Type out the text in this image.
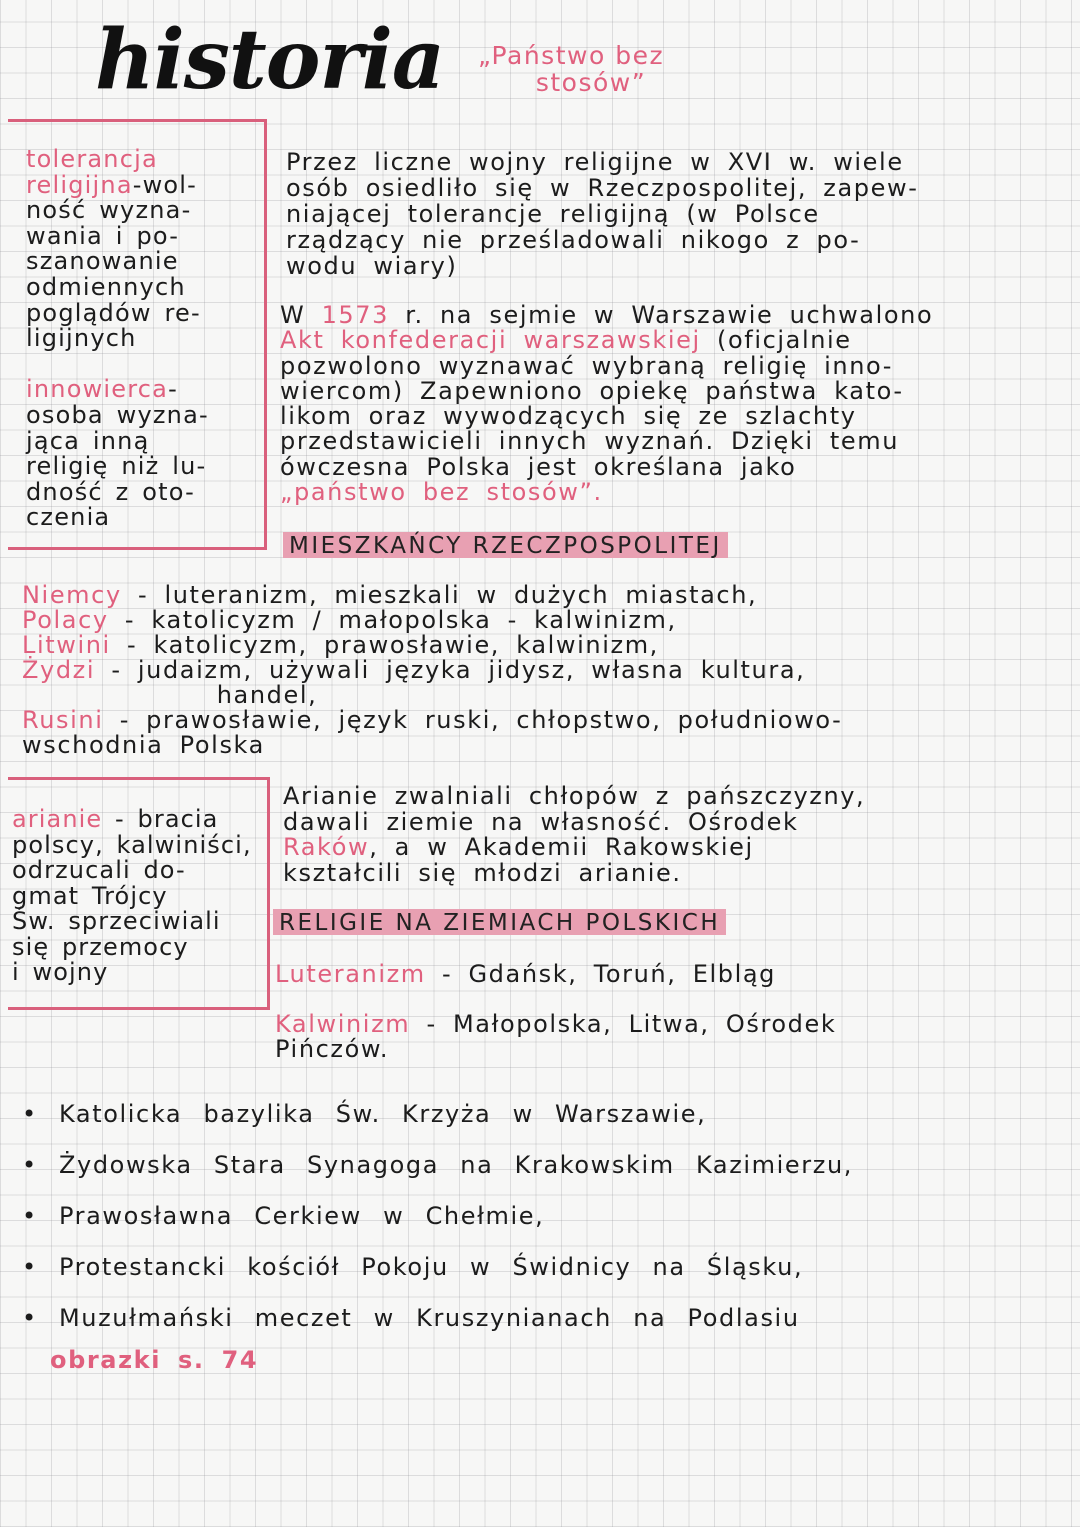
historia „Państwo bez
stosów”
tolerancja
religijna-wol-
ność wyzna-
wania i po-
szanowanie
odmiennych
poglądów re-
ligijnych
innowierca-
osoba wyzna-
jąca inną
religię niż lu-
dność z oto-
czenia
Przez liczne wojny religijne w XVI w. wiele
osób osiedliło się w Rzeczpospolitej, zapew-
niającej tolerancje religijną (w Polsce
rządzący nie prześladowali nikogo z po-
wodu wiary)
W 1573 r. na sejmie w Warszawie uchwalono
Akt konfederacji warszawskiej (oficjalnie
pozwolono wyznawać wybraną religię inno-
wiercom) Zapewniono opiekę państwa kato-
likom oraz wywodzących się ze szlachty
przedstawicieli innych wyznań. Dzięki temu
ówczesna Polska jest określana jako
„państwo bez stosów”.
MIESZKAŃCY RZECZPOSPOLITEJ
Niemcy - luteranizm, mieszkali w dużych miastach,
Polacy - katolicyzm / małopolska - kalwinizm,
Litwini - katolicyzm, prawosławie, kalwinizm,
Żydzi - judaizm, używali języka jidysz, własna kultura,
handel,
Rusini - prawosławie, język ruski, chłopstwo, południowo-
wschodnia Polska
arianie - bracia
polscy, kalwiniści,
odrzucali do-
gmat Trójcy
Św. sprzeciwiali
się przemocy
i wojny
Arianie zwalniali chłopów z pańszczyzny,
dawali ziemie na własność. Ośrodek
Raków, a w Akademii Rakowskiej
kształcili się młodzi arianie.
RELIGIE NA ZIEMIACH POLSKICH
Luteranizm - Gdańsk, Toruń, Elbląg
Kalwinizm - Małopolska, Litwa, Ośrodek
Pińczów.
• Katolicka bazylika Św. Krzyża w Warszawie,
• Żydowska Stara Synagoga na Krakowskim Kazimierzu,
• Prawosławna Cerkiew w Chełmie,
• Protestancki kościół Pokoju w Świdnicy na Śląsku,
• Muzułmański meczet w Kruszynianach na Podlasiu
obrazki s. 74
